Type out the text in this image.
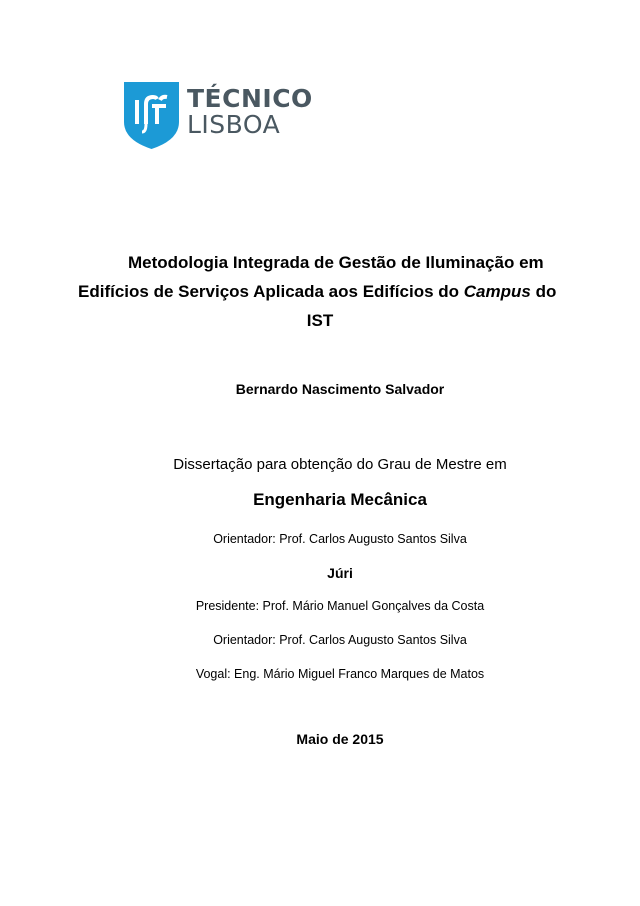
TÉCNICO
LISBOA
Metodologia Integrada de Gestão de Iluminação em
Edifícios de Serviços Aplicada aos Edifícios do Campus do
IST
Bernardo Nascimento Salvador
Dissertação para obtenção do Grau de Mestre em
Engenharia Mecânica
Orientador: Prof. Carlos Augusto Santos Silva
Júri
Presidente: Prof. Mário Manuel Gonçalves da Costa
Orientador: Prof. Carlos Augusto Santos Silva
Vogal: Eng. Mário Miguel Franco Marques de Matos
Maio de 2015
